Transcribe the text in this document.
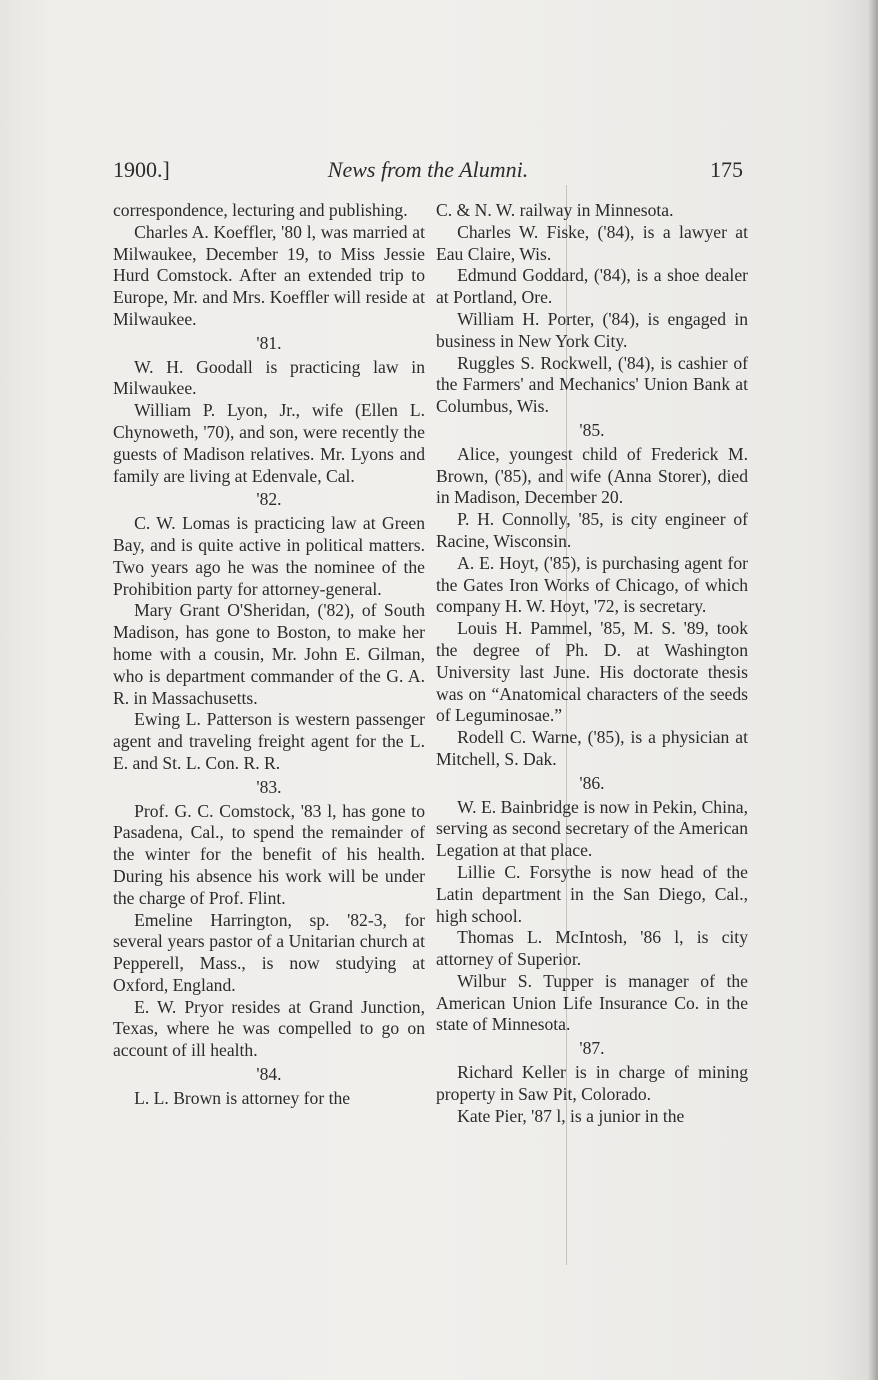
1900.]	News from the Alumni.	175

correspondence, lecturing and publishing.

Charles A. Koeffler, '80 l, was married at Milwaukee, December 19, to Miss Jessie Hurd Comstock. After an extended trip to Europe, Mr. and Mrs. Koeffler will reside at Milwaukee.

'81.

W. H. Goodall is practicing law in Milwaukee.

William P. Lyon, Jr., wife (Ellen L. Chynoweth, '70), and son, were recently the guests of Madison relatives. Mr. Lyons and family are living at Edenvale, Cal.

'82.

C. W. Lomas is practicing law at Green Bay, and is quite active in political matters. Two years ago he was the nominee of the Prohibition party for attorney-general.

Mary Grant O'Sheridan, ('82), of South Madison, has gone to Boston, to make her home with a cousin, Mr. John E. Gilman, who is department commander of the G. A. R. in Massachusetts.

Ewing L. Patterson is western passenger agent and traveling freight agent for the L. E. and St. L. Con. R. R.

'83.

Prof. G. C. Comstock, '83 l, has gone to Pasadena, Cal., to spend the remainder of the winter for the benefit of his health. During his absence his work will be under the charge of Prof. Flint.

Emeline Harrington, sp. '82-3, for several years pastor of a Unitarian church at Pepperell, Mass., is now studying at Oxford, England.

E. W. Pryor resides at Grand Junction, Texas, where he was compelled to go on account of ill health.

'84.

L. L. Brown is attorney for the

C. & N. W. railway in Minnesota.

Charles W. Fiske, ('84), is a lawyer at Eau Claire, Wis.

Edmund Goddard, ('84), is a shoe dealer at Portland, Ore.

William H. Porter, ('84), is engaged in business in New York City.

Ruggles S. Rockwell, ('84), is cashier of the Farmers' and Mechanics' Union Bank at Columbus, Wis.

'85.

Alice, youngest child of Frederick M. Brown, ('85), and wife (Anna Storer), died in Madison, December 20.

P. H. Connolly, '85, is city engineer of Racine, Wisconsin.

A. E. Hoyt, ('85), is purchasing agent for the Gates Iron Works of Chicago, of which company H. W. Hoyt, '72, is secretary.

Louis H. Pammel, '85, M. S. '89, took the degree of Ph. D. at Washington University last June. His doctorate thesis was on “Anatomical characters of the seeds of Leguminosae.”

Rodell C. Warne, ('85), is a physician at Mitchell, S. Dak.

'86.

W. E. Bainbridge is now in Pekin, China, serving as second secretary of the American Legation at that place.

Lillie C. Forsythe is now head of the Latin department in the San Diego, Cal., high school.

Thomas L. McIntosh, '86 l, is city attorney of Superior.

Wilbur S. Tupper is manager of the American Union Life Insurance Co. in the state of Minnesota.

'87.

Richard Keller is in charge of mining property in Saw Pit, Colorado.

Kate Pier, '87 l, is a junior in the
